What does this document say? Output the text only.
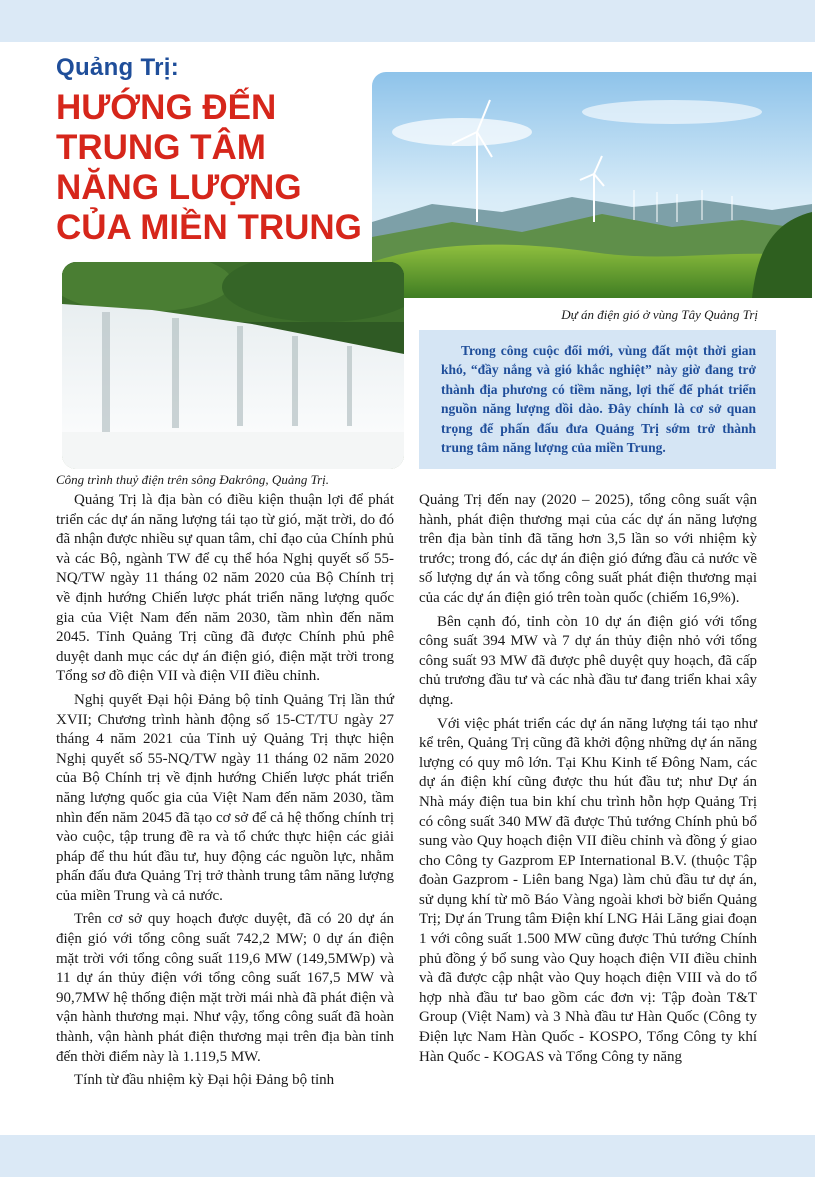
Quảng Trị:
HƯỚNG ĐẾN
TRUNG TÂM
NĂNG LƯỢNG
CỦA MIỀN TRUNG
Dự án điện gió ở vùng Tây Quảng Trị
Công trình thuỷ điện trên sông Đakrông, Quảng Trị.

Trong công cuộc đổi mới, vùng đất một thời gian khó, “đầy nắng và gió khắc nghiệt” này giờ đang trở thành địa phương có tiềm năng, lợi thế để phát triển nguồn năng lượng dồi dào. Đây chính là cơ sở quan trọng để phấn đấu đưa Quảng Trị sớm trở thành trung tâm năng lượng của miền Trung.

Quảng Trị là địa bàn có điều kiện thuận lợi để phát triển các dự án năng lượng tái tạo từ gió, mặt trời, do đó đã nhận được nhiều sự quan tâm, chỉ đạo của Chính phủ và các Bộ, ngành TW để cụ thể hóa Nghị quyết số 55-NQ/TW ngày 11 tháng 02 năm 2020 của Bộ Chính trị về định hướng Chiến lược phát triển năng lượng quốc gia của Việt Nam đến năm 2030, tầm nhìn đến năm 2045. Tỉnh Quảng Trị cũng đã được Chính phủ phê duyệt danh mục các dự án điện gió, điện mặt trời trong Tổng sơ đồ điện VII và điện VII điều chỉnh.

Nghị quyết Đại hội Đảng bộ tỉnh Quảng Trị lần thứ XVII; Chương trình hành động số 15-CT/TU ngày 27 tháng 4 năm 2021 của Tỉnh uỷ Quảng Trị thực hiện Nghị quyết số 55-NQ/TW ngày 11 tháng 02 năm 2020 của Bộ Chính trị về định hướng Chiến lược phát triển năng lượng quốc gia của Việt Nam đến năm 2030, tầm nhìn đến năm 2045 đã tạo cơ sở để cả hệ thống chính trị vào cuộc, tập trung đề ra và tổ chức thực hiện các giải pháp để thu hút đầu tư, huy động các nguồn lực, nhằm phấn đấu đưa Quảng Trị trở thành trung tâm năng lượng của miền Trung và cả nước.

Trên cơ sở quy hoạch được duyệt, đã có 20 dự án điện gió với tổng công suất 742,2 MW; 0 dự án điện mặt trời với tổng công suất 119,6 MW (149,5MWp) và 11 dự án thủy điện với tổng công suất 167,5 MW và 90,7MW hệ thống điện mặt trời mái nhà đã phát điện và vận hành thương mại. Như vậy, tổng công suất đã hoàn thành, vận hành phát điện thương mại trên địa bàn tỉnh đến thời điểm này là 1.119,5 MW.

Tính từ đầu nhiệm kỳ Đại hội Đảng bộ tỉnh

Quảng Trị đến nay (2020 – 2025), tổng công suất vận hành, phát điện thương mại của các dự án năng lượng trên địa bàn tỉnh đã tăng hơn 3,5 lần so với nhiệm kỳ trước; trong đó, các dự án điện gió đứng đầu cả nước về số lượng dự án và tổng công suất phát điện thương mại của các dự án điện gió trên toàn quốc (chiếm 16,9%).

Bên cạnh đó, tỉnh còn 10 dự án điện gió với tổng công suất 394 MW và 7 dự án thủy điện nhỏ với tổng công suất 93 MW đã được phê duyệt quy hoạch, đã cấp chủ trương đầu tư và các nhà đầu tư đang triển khai xây dựng.

Với việc phát triển các dự án năng lượng tái tạo như kể trên, Quảng Trị cũng đã khởi động những dự án năng lượng có quy mô lớn. Tại Khu Kinh tế Đông Nam, các dự án điện khí cũng được thu hút đầu tư; như Dự án Nhà máy điện tua bin khí chu trình hỗn hợp Quảng Trị có công suất 340 MW đã được Thủ tướng Chính phủ bổ sung vào Quy hoạch điện VII điều chỉnh và đồng ý giao cho Công ty Gazprom EP International B.V. (thuộc Tập đoàn Gazprom - Liên bang Nga) làm chủ đầu tư dự án, sử dụng khí từ mõ Báo Vàng ngoài khơi bờ biển Quảng Trị; Dự án Trung tâm Điện khí LNG Hải Lăng giai đoạn 1 với công suất 1.500 MW cũng được Thủ tướng Chính phủ đồng ý bổ sung vào Quy hoạch điện VII điều chỉnh và đã được cập nhật vào Quy hoạch điện VIII và do tổ hợp nhà đầu tư bao gồm các đơn vị: Tập đoàn T&T Group (Việt Nam) và 3 Nhà đầu tư Hàn Quốc (Công ty Điện lực Nam Hàn Quốc - KOSPO, Tổng Công ty khí Hàn Quốc - KOGAS và Tổng Công ty năng
